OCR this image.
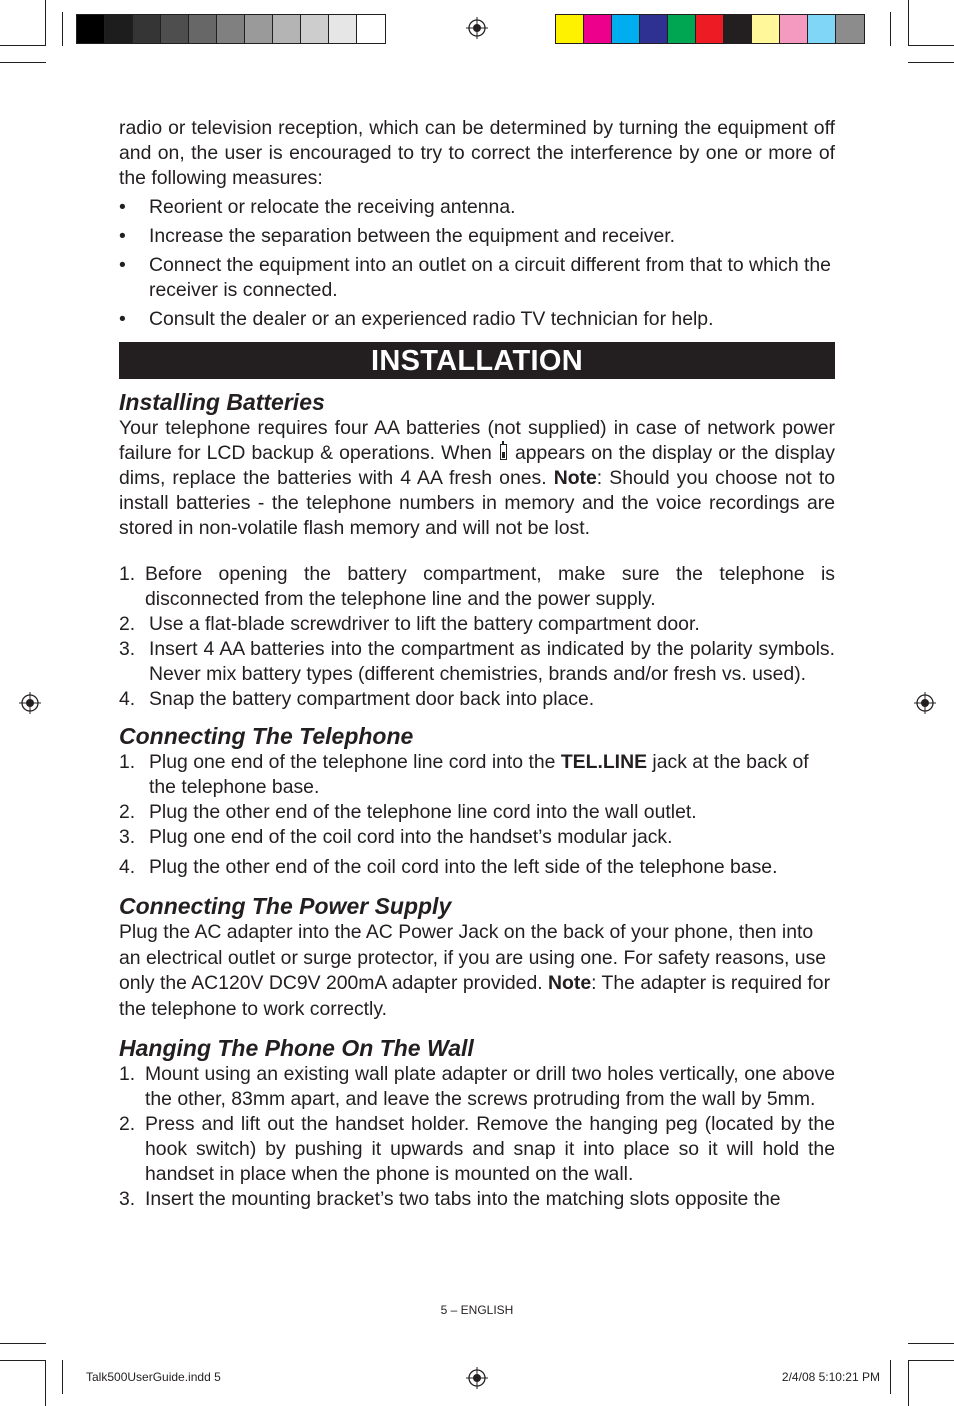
radio or television reception, which can be determined by turning the equipment off and on, the user is encouraged to try to correct the interference by one or more of the following measures:

•	Reorient or relocate the receiving antenna.
•	Increase the separation between the equipment and receiver.
•	Connect the equipment into an outlet on a circuit different from that to which the receiver is connected.
•	Consult the dealer or an experienced radio TV technician for help.
INSTALLATION
Installing Batteries

Your telephone requires four AA batteries (not supplied) in case of network power failure for LCD backup & operations. When  appears on the display or the display dims, replace the batteries with 4 AA fresh ones. Note: Should you choose not to install batteries - the telephone numbers in memory and the voice recordings are stored in non-volatile flash memory and will not be lost.

1. Before opening the battery compartment, make sure the telephone is disconnected from the telephone line and the power supply.
2. Use a flat-blade screwdriver to lift the battery compartment door.
3. Insert 4 AA batteries into the compartment as indicated by the polarity symbols. Never mix battery types (different chemistries, brands and/or fresh vs. used).
4. Snap the battery compartment door back into place.
Connecting The Telephone
1. Plug one end of the telephone line cord into the TEL.LINE jack at the back of the telephone base.
2. Plug the other end of the telephone line cord into the wall outlet.
3. Plug one end of the coil cord into the handset’s modular jack.
4. Plug the other end of the coil cord into the left side of the telephone base.
Connecting The Power Supply

Plug the AC adapter into the AC Power Jack on the back of your phone, then into an electrical outlet or surge protector, if you are using one. For safety reasons, use only the AC120V DC9V 200mA adapter provided. Note: The adapter is required for the telephone to work correctly.

Hanging The Phone On The Wall
1. Mount using an existing wall plate adapter or drill two holes vertically, one above the other, 83mm apart, and leave the screws protruding from the wall by 5mm.
2. Press and lift out the handset holder. Remove the hanging peg (located by the hook switch) by pushing it upwards and snap it into place so it will hold the handset in place when the phone is mounted on the wall.
3. Insert the mounting bracket’s two tabs into the matching slots opposite the
5 – ENGLISH
Talk500UserGuide.indd 5	2/4/08 5:10:21 PM
